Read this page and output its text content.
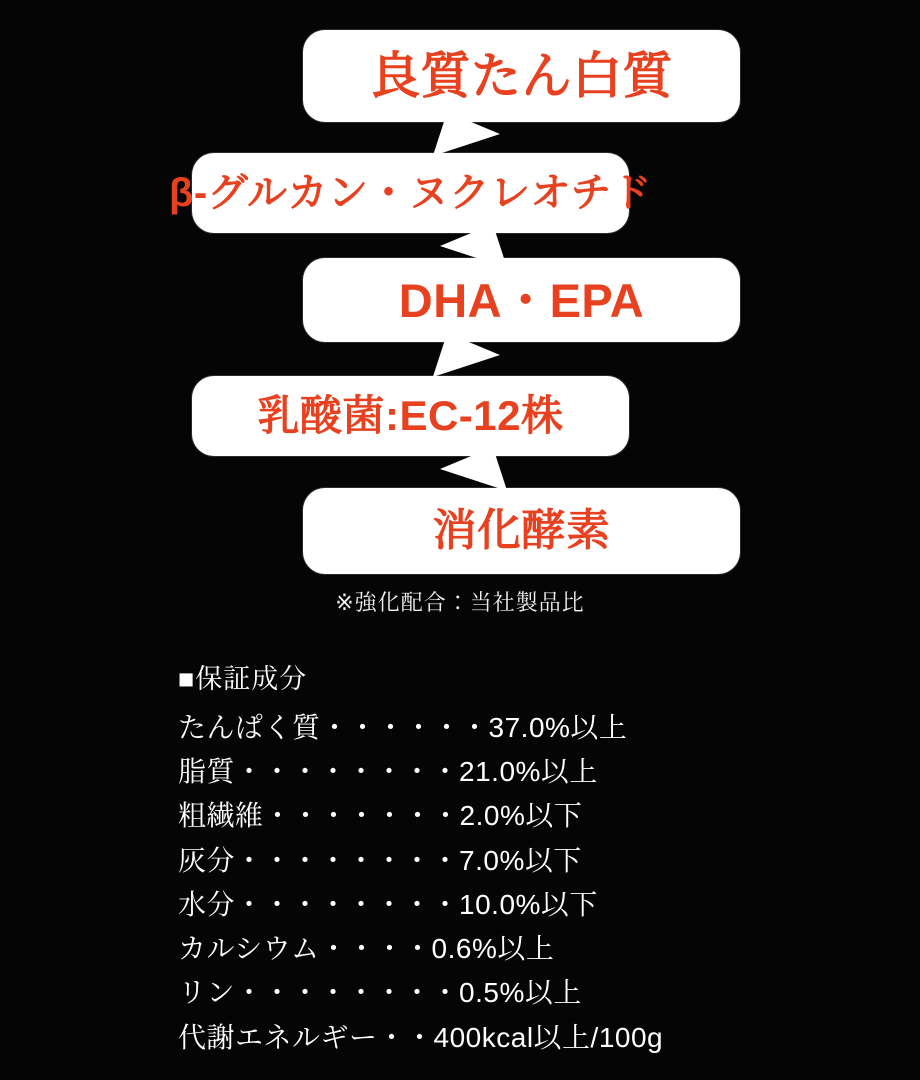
良質たん白質
β-グルカン・ヌクレオチド
DHA・EPA
乳酸菌:EC-12株
消化酵素
※強化配合：当社製品比
■保証成分
たんぱく質 ・・・・・・ 37.0%以上
脂質 ・・・・・・・・ 21.0%以上
粗繊維 ・・・・・・・ 2.0%以下
灰分 ・・・・・・・・ 7.0%以下
水分 ・・・・・・・・ 10.0%以下
カルシウム ・・・・ 0.6%以上
リン ・・・・・・・・ 0.5%以上
代謝エネルギー ・・ 400kcal以上/100g
